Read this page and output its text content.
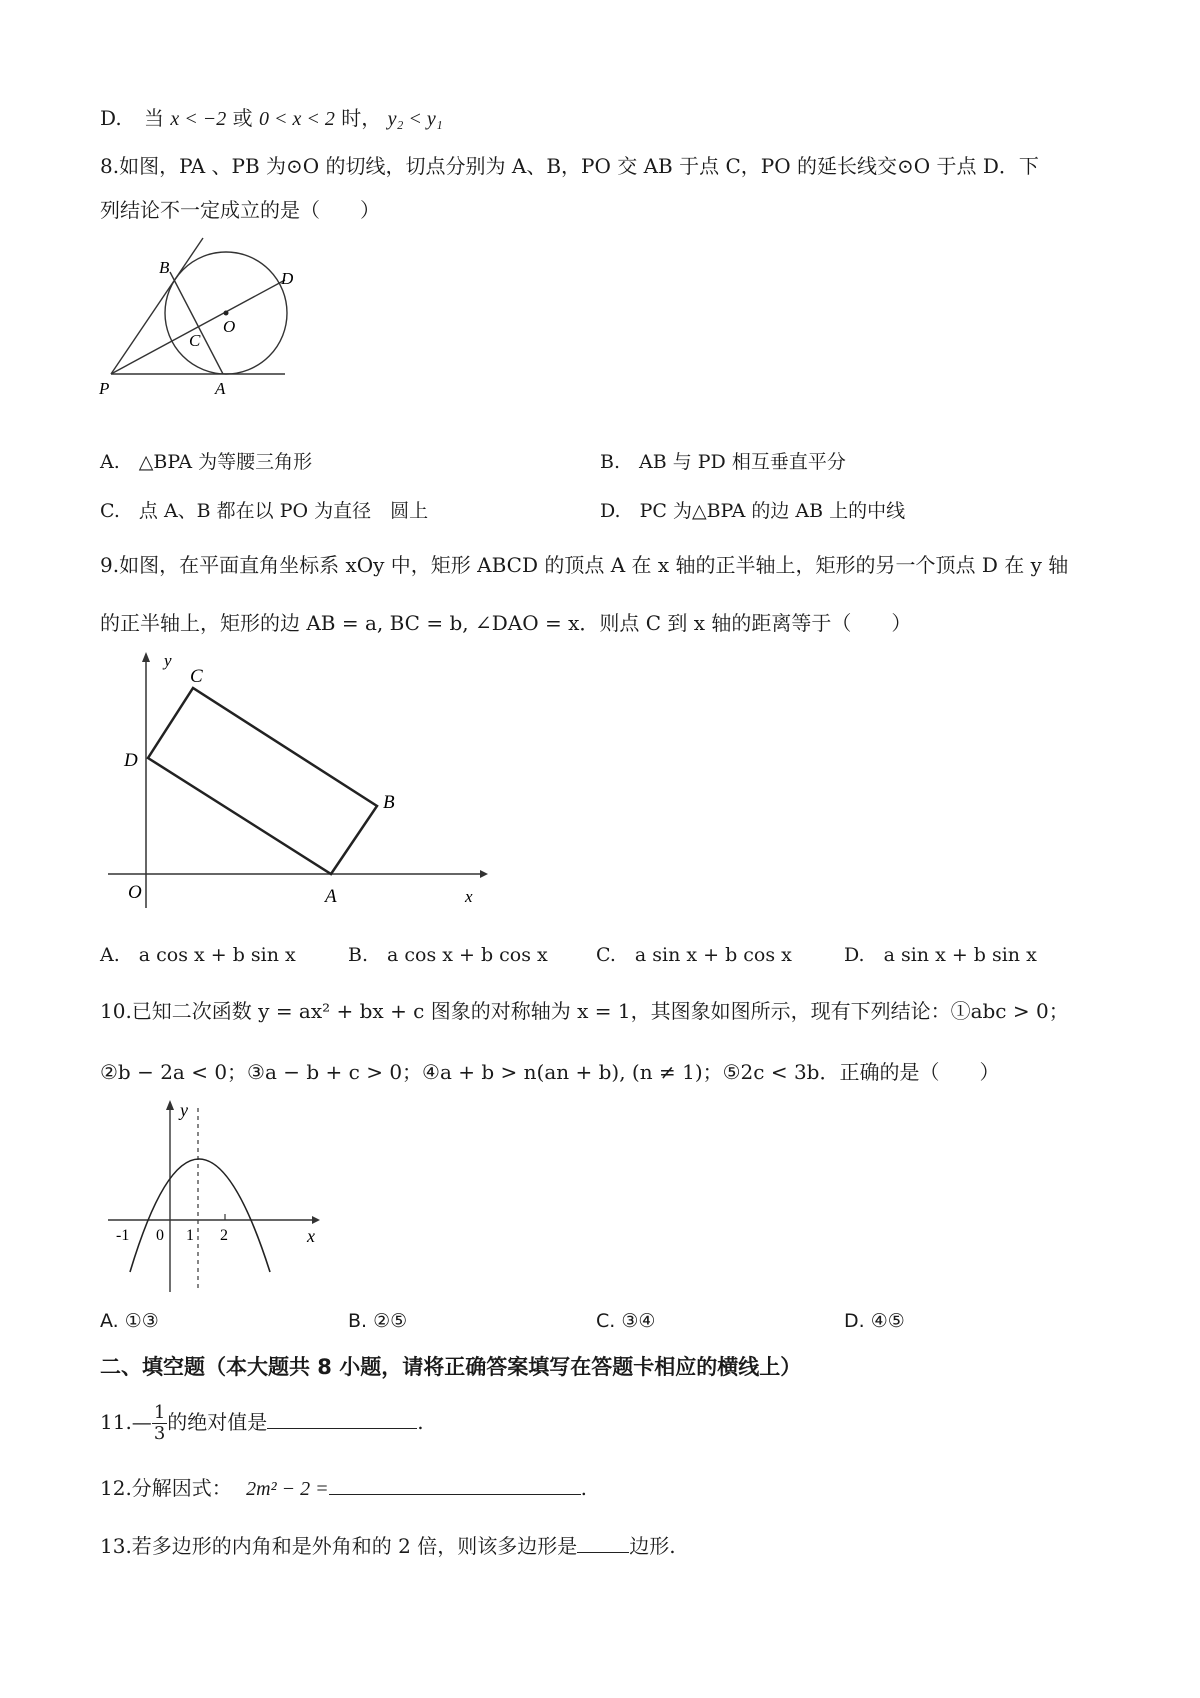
D. 当 x < −2 或 0 < x < 2 时， y₂ < y₁
8.如图，PA 、PB 为⊙O 的切线，切点分别为 A、B，PO 交 AB 于点 C，PO 的延长线交⊙O 于点 D．下
列结论不一定成立的是（　　）
B
D
O
C
P	A
A.　△BPA 为等腰三角形	B.　AB 与 PD 相互垂直平分
C.　点 A、B 都在以 PO 为直径　圆上	D.　PC 为△BPA 的边 AB 上的中线
9.如图，在平面直角坐标系 xOy 中，矩形 ABCD 的顶点 A 在 x 轴的正半轴上，矩形的另一个顶点 D 在 y 轴
的正半轴上，矩形的边 AB = a, BC = b, ∠DAO = x．则点 C 到 x 轴的距离等于（　　）
y
C
D
B
O	A	x
A.　a cos x + b sin x	B.　a cos x + b cos x	C.　a sin x + b cos x	D.　a sin x + b sin x
10.已知二次函数 y = ax² + bx + c 图象的对称轴为 x = 1，其图象如图所示，现有下列结论：①abc > 0；
②b − 2a < 0；③a − b + c > 0；④a + b > n(an + b), (n ≠ 1)；⑤2c < 3b．正确的是（　　）
y
x
-1 0 1 2
A. ①③	B. ②⑤	C. ③④	D. ④⑤
二、填空题（本大题共 8 小题，请将正确答案填写在答题卡相应的横线上）
11.— $\frac{1}{3}$ 的绝对值是	.
12.分解因式： 2m² − 2 =	.
13.若多边形的内角和是外角和的 2 倍，则该多边形是	边形.
